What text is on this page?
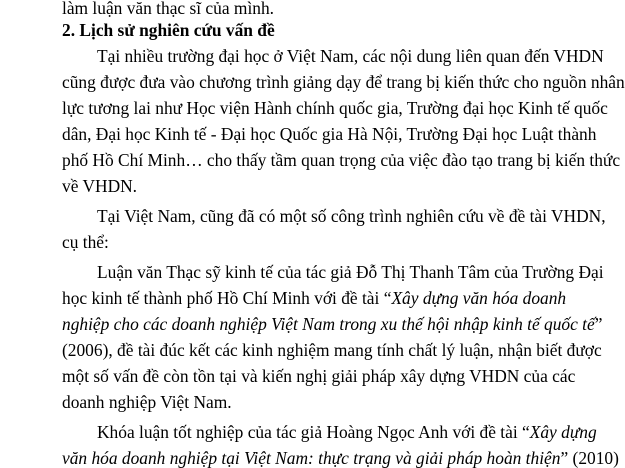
làm luận văn thạc sĩ của mình.
2. Lịch sử nghiên cứu vấn đề
Tại nhiều trường đại học ở Việt Nam, các nội dung liên quan đến VHDN
cũng được đưa vào chương trình giảng dạy để trang bị kiến thức cho nguồn nhân
lực tương lai như Học viện Hành chính quốc gia, Trường đại học Kinh tế quốc
dân, Đại học Kinh tế - Đại học Quốc gia Hà Nội, Trường Đại học Luật thành
phố Hồ Chí Minh… cho thấy tầm quan trọng của việc đào tạo trang bị kiến thức
về VHDN.
Tại Việt Nam, cũng đã có một số công trình nghiên cứu về đề tài VHDN,
cụ thể:
Luận văn Thạc sỹ kinh tế của tác giả Đỗ Thị Thanh Tâm của Trường Đại
học kinh tế thành phố Hồ Chí Minh với đề tài “Xây dựng văn hóa doanh
nghiệp cho các doanh nghiệp Việt Nam trong xu thế hội nhập kinh tế quốc tế”
(2006), đề tài đúc kết các kinh nghiệm mang tính chất lý luận, nhận biết được
một số vấn đề còn tồn tại và kiến nghị giải pháp xây dựng VHDN của các
doanh nghiệp Việt Nam.
Khóa luận tốt nghiệp của tác giả Hoàng Ngọc Anh với đề tài “Xây dựng
văn hóa doanh nghiệp tại Việt Nam: thực trạng và giải pháp hoàn thiện” (2010)
